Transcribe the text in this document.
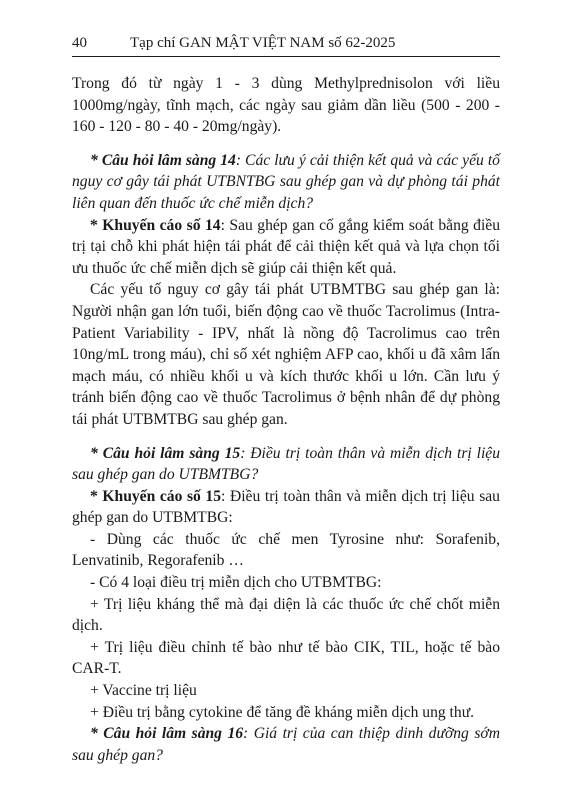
40	Tạp chí GAN MẬT VIỆT NAM số 62-2025

Trong đó từ ngày 1 - 3 dùng Methylprednisolon với liều 1000mg/ngày, tĩnh mạch, các ngày sau giảm dần liều (500 - 200 - 160 - 120 - 80 - 40 - 20mg/ngày).

* Câu hỏi lâm sàng 14: Các lưu ý cải thiện kết quả và các yếu tố nguy cơ gây tái phát UTBNTBG sau ghép gan và dự phòng tái phát liên quan đến thuốc ức chế miễn dịch?

* Khuyến cáo số 14: Sau ghép gan cố gắng kiểm soát bằng điều trị tại chỗ khi phát hiện tái phát để cải thiện kết quả và lựa chọn tối ưu thuốc ức chế miễn dịch sẽ giúp cải thiện kết quả.

Các yếu tố nguy cơ gây tái phát UTBMTBG sau ghép gan là: Người nhận gan lớn tuổi, biến động cao về thuốc Tacrolimus (Intra-Patient Variability - IPV, nhất là nồng độ Tacrolimus cao trên 10ng/mL trong máu), chỉ số xét nghiệm AFP cao, khối u đã xâm lấn mạch máu, có nhiều khối u và kích thước khối u lớn. Cần lưu ý tránh biến động cao về thuốc Tacrolimus ở bệnh nhân để dự phòng tái phát UTBMTBG sau ghép gan.

* Câu hỏi lâm sàng 15: Điều trị toàn thân và miễn dịch trị liệu sau ghép gan do UTBMTBG?

* Khuyến cáo số 15: Điều trị toàn thân và miễn dịch trị liệu sau ghép gan do UTBMTBG:

- Dùng các thuốc ức chế men Tyrosine như: Sorafenib, Lenvatinib, Regorafenib …

- Có 4 loại điều trị miễn dịch cho UTBMTBG:

+ Trị liệu kháng thể mà đại diện là các thuốc ức chế chốt miễn dịch.

+ Trị liệu điều chỉnh tế bào như tế bào CIK, TIL, hoặc tế bào CAR-T.

+ Vaccine trị liệu

+ Điều trị bằng cytokine để tăng đề kháng miễn dịch ung thư.

* Câu hỏi lâm sàng 16: Giá trị của can thiệp dinh dưỡng sớm sau ghép gan?
